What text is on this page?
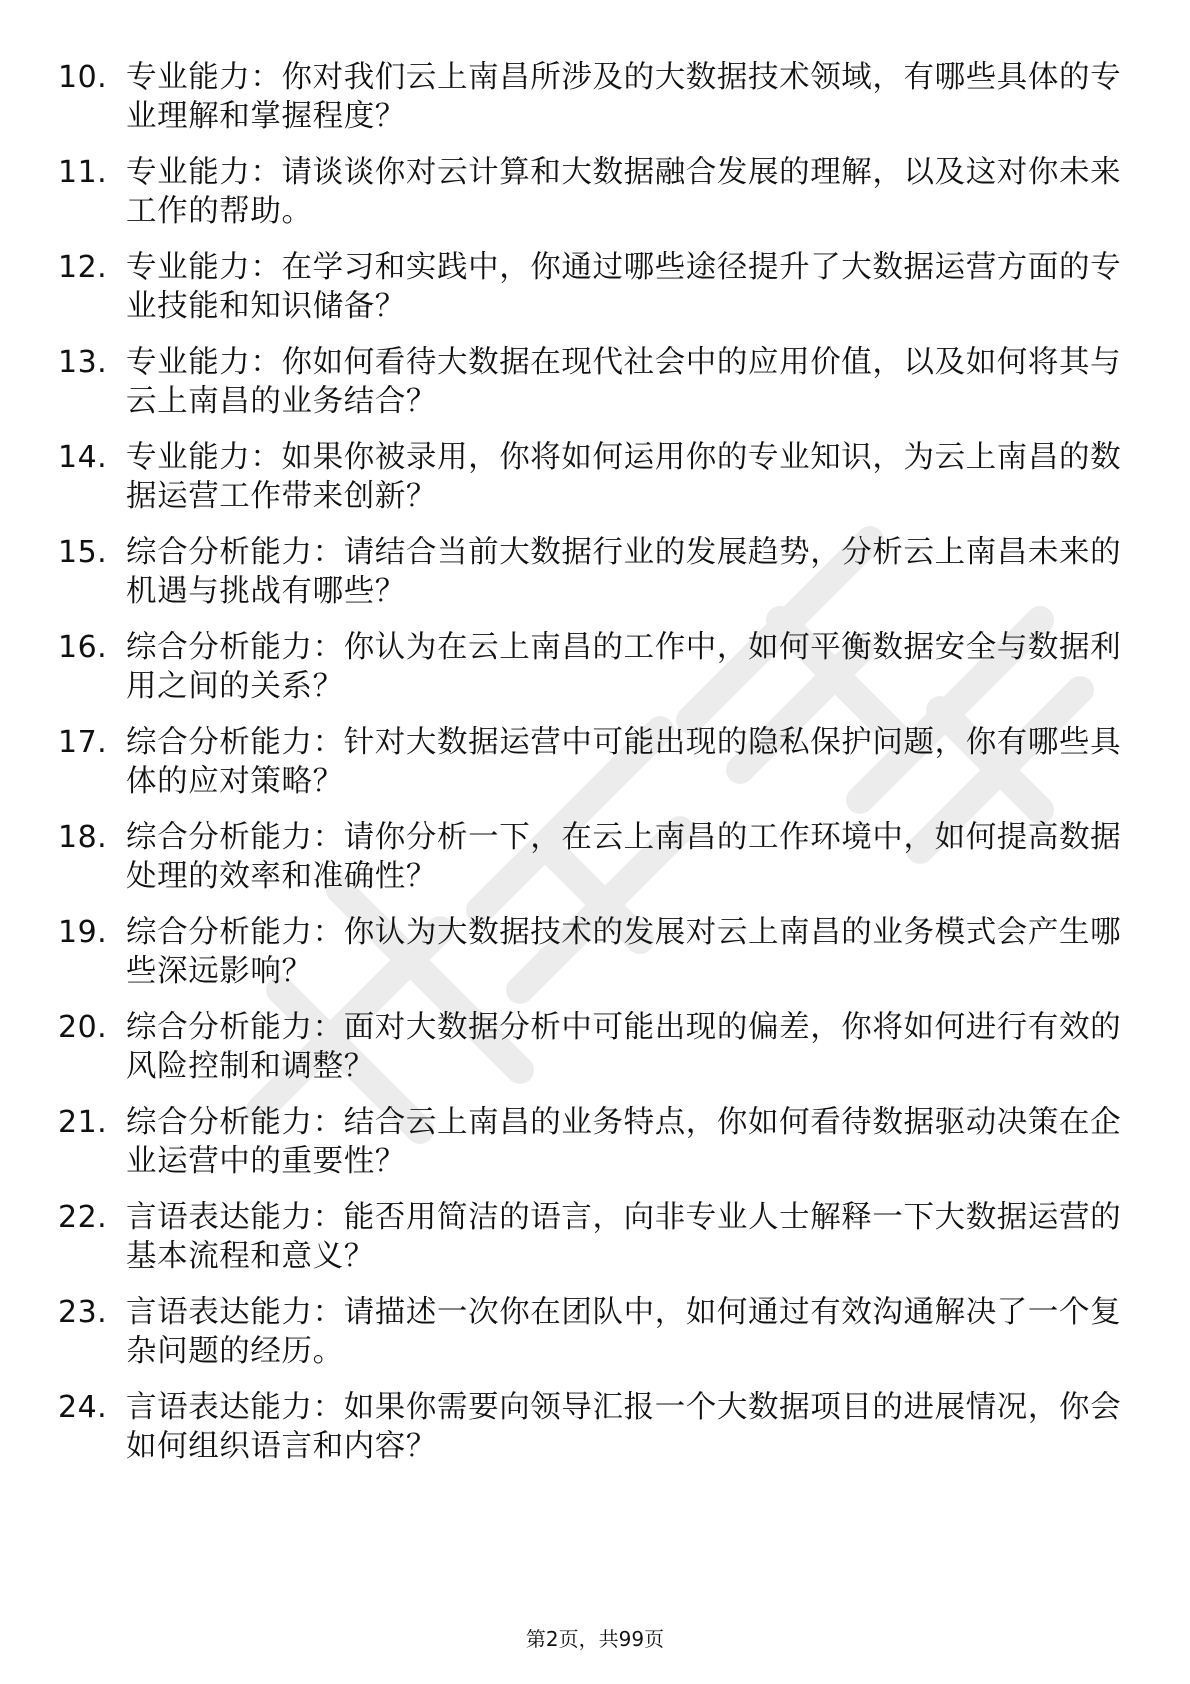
10. 专业能力：你对我们云上南昌所涉及的大数据技术领域，有哪些具体的专业理解和掌握程度？
11. 专业能力：请谈谈你对云计算和大数据融合发展的理解，以及这对你未来工作的帮助。
12. 专业能力：在学习和实践中，你通过哪些途径提升了大数据运营方面的专业技能和知识储备？
13. 专业能力：你如何看待大数据在现代社会中的应用价值，以及如何将其与云上南昌的业务结合？
14. 专业能力：如果你被录用，你将如何运用你的专业知识，为云上南昌的数据运营工作带来创新？
15. 综合分析能力：请结合当前大数据行业的发展趋势，分析云上南昌未来的机遇与挑战有哪些？
16. 综合分析能力：你认为在云上南昌的工作中，如何平衡数据安全与数据利用之间的关系？
17. 综合分析能力：针对大数据运营中可能出现的隐私保护问题，你有哪些具体的应对策略？
18. 综合分析能力：请你分析一下，在云上南昌的工作环境中，如何提高数据处理的效率和准确性？
19. 综合分析能力：你认为大数据技术的发展对云上南昌的业务模式会产生哪些深远影响？
20. 综合分析能力：面对大数据分析中可能出现的偏差，你将如何进行有效的风险控制和调整？
21. 综合分析能力：结合云上南昌的业务特点，你如何看待数据驱动决策在企业运营中的重要性？
22. 言语表达能力：能否用简洁的语言，向非专业人士解释一下大数据运营的基本流程和意义？
23. 言语表达能力：请描述一次你在团队中，如何通过有效沟通解决了一个复杂问题的经历。
24. 言语表达能力：如果你需要向领导汇报一个大数据项目的进展情况，你会如何组织语言和内容？
第2页，共99页
